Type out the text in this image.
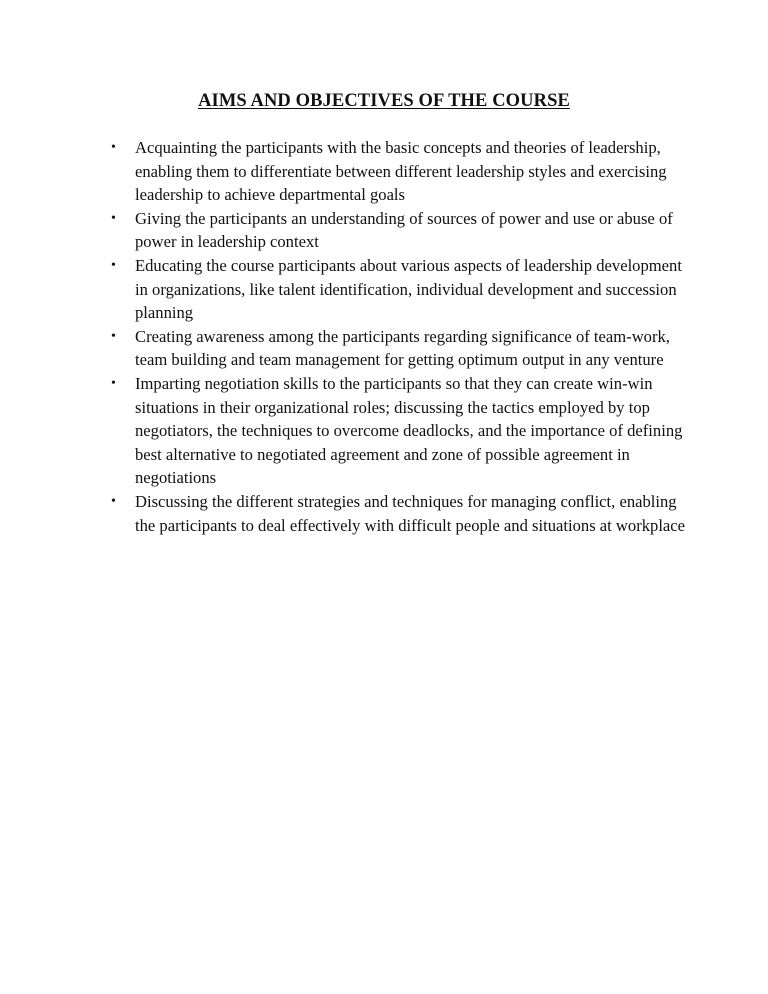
AIMS AND OBJECTIVES OF THE COURSE
•	Acquainting the participants with the basic concepts and theories of leadership, enabling them to differentiate between different leadership styles and exercising leadership to achieve departmental goals
•	Giving the participants an understanding of sources of power and use or abuse of power in leadership context
•	Educating the course participants about various aspects of leadership development in organizations, like talent identification, individual development and succession planning
•	Creating awareness among the participants regarding significance of team-work, team building and team management for getting optimum output in any venture
•	Imparting negotiation skills to the participants so that they can create win-win situations in their organizational roles; discussing the tactics employed by top negotiators, the techniques to overcome deadlocks, and the importance of defining best alternative to negotiated agreement and zone of possible agreement in negotiations
•	Discussing the different strategies and techniques for managing conflict, enabling the participants to deal effectively with difficult people and situations at workplace
